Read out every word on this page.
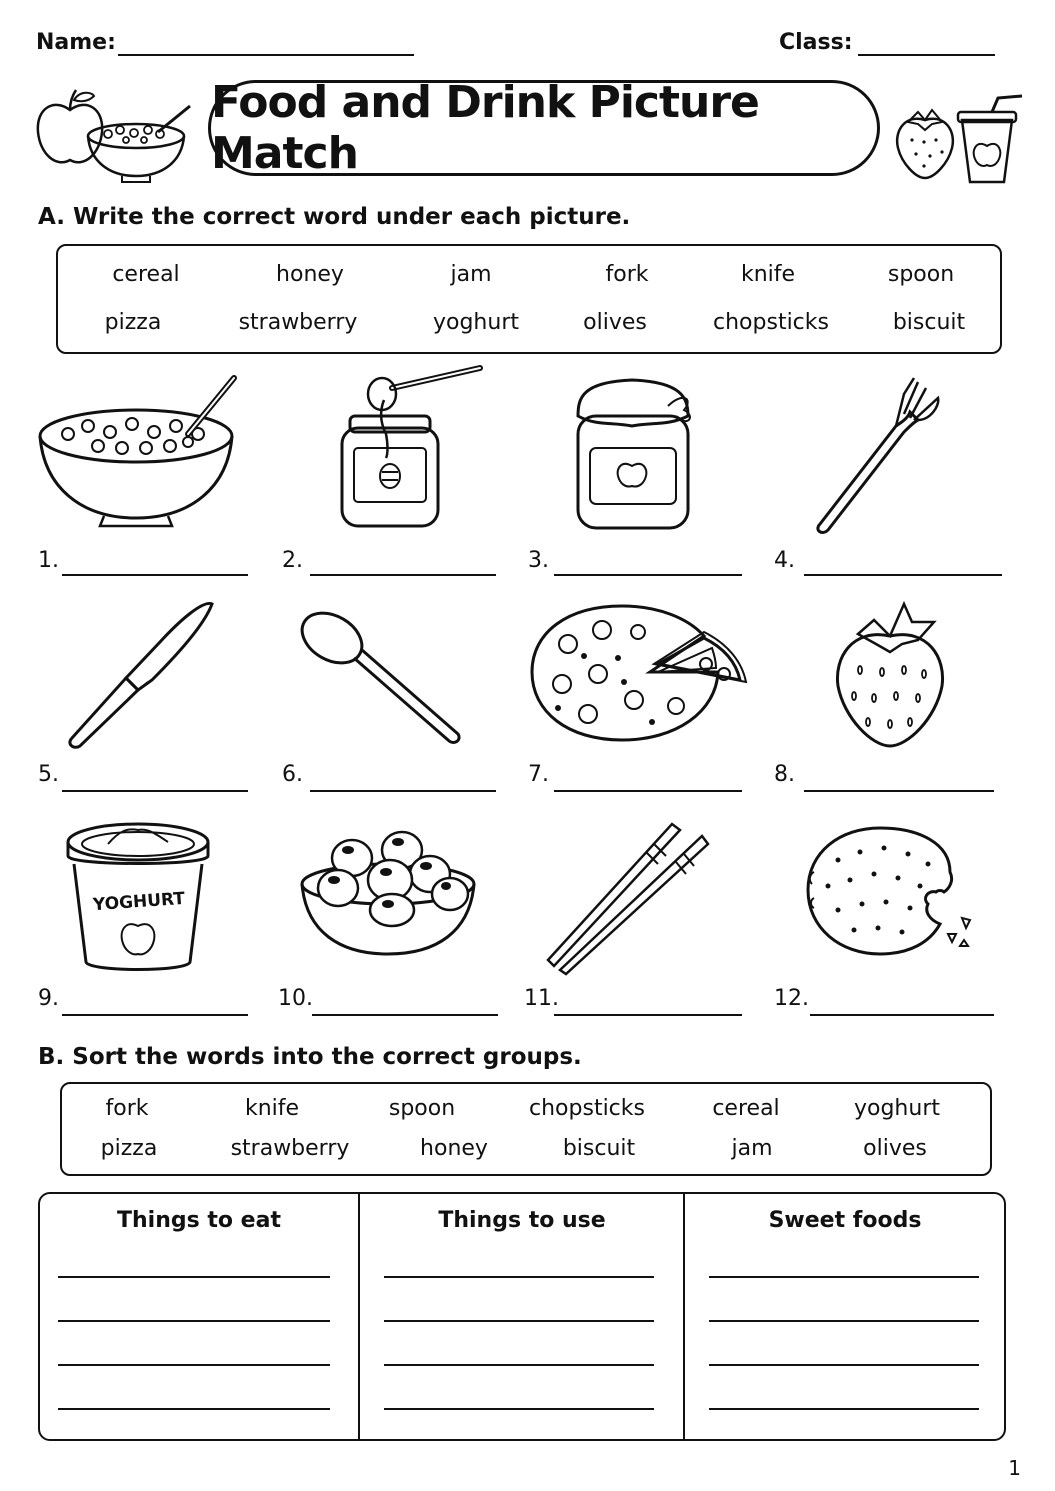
Name:	Class:
Food and Drink Picture Match
A. Write the correct word under each picture.
cereal	honey	jam	fork	knife	spoon
pizza	strawberry	yoghurt	olives	chopsticks	biscuit
1.	2.	3.	4.
5.	6.	7.	8.
YOGHURT
9.	10.	11.	12.
B. Sort the words into the correct groups.
fork	knife	spoon	chopsticks	cereal	yoghurt
pizza	strawberry	honey	biscuit	jam	olives
Things to eat	Things to use	Sweet foods
1
